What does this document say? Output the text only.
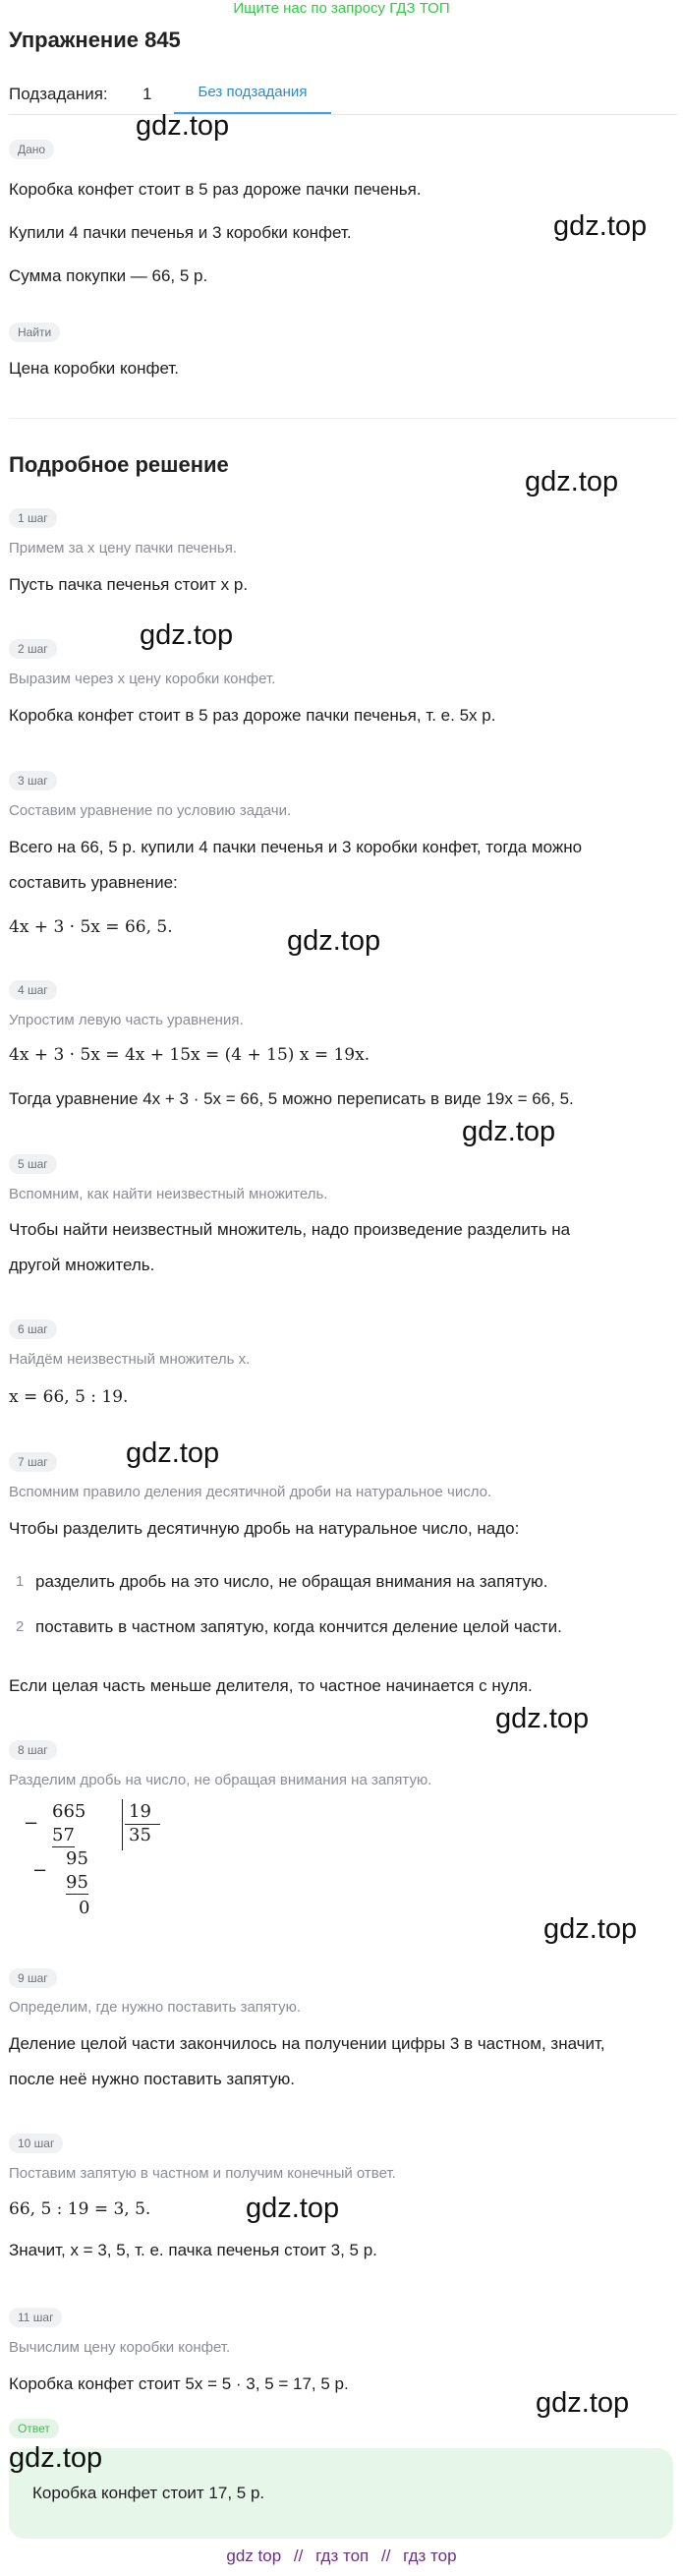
Ищите нас по запросу ГДЗ ТОП
Упражнение 845
Подзадания: 1	Без подзадания
Дано
Коробка конфет стоит в 5 раз дороже пачки печенья.
Купили 4 пачки печенья и 3 коробки конфет.
Сумма покупки — 66, 5 р.
Найти
Цена коробки конфет.
Подробное решение
1 шаг
Примем за x цену пачки печенья.
Пусть пачка печенья стоит x р.
2 шаг
Выразим через x цену коробки конфет.
Коробка конфет стоит в 5 раз дороже пачки печенья, т. е. 5x р.
3 шаг
Составим уравнение по условию задачи.
Всего на 66, 5 р. купили 4 пачки печенья и 3 коробки конфет, тогда можно
составить уравнение:
4x + 3 · 5x = 66, 5.
4 шаг
Упростим левую часть уравнения.
4x + 3 · 5x = 4x + 15x = (4 + 15) x = 19x.
Тогда уравнение 4x + 3 · 5x = 66, 5 можно переписать в виде 19x = 66, 5.
5 шаг
Вспомним, как найти неизвестный множитель.
Чтобы найти неизвестный множитель, надо произведение разделить на
другой множитель.
6 шаг
Найдём неизвестный множитель x.
x = 66, 5 : 19.
7 шаг
Вспомним правило деления десятичной дроби на натуральное число.
Чтобы разделить десятичную дробь на натуральное число, надо:
1 разделить дробь на это число, не обращая внимания на запятую.
2 поставить в частном запятую, когда кончится деление целой части.
Если целая часть меньше делителя, то частное начинается с нуля.
8 шаг
Разделим дробь на число, не обращая внимания на запятую.
−
665
57
−
95
95
0
19
35
9 шаг
Определим, где нужно поставить запятую.
Деление целой части закончилось на получении цифры 3 в частном, значит,
после неё нужно поставить запятую.
10 шаг
Поставим запятую в частном и получим конечный ответ.
66, 5 : 19 = 3, 5.
Значит, x = 3, 5, т. е. пачка печенья стоит 3, 5 р.
11 шаг
Вычислим цену коробки конфет.
Коробка конфет стоит 5x = 5 · 3, 5 = 17, 5 р.
Ответ
Коробка конфет стоит 17, 5 р.
gdz.top
gdz.top
gdz.top
gdz.top
gdz.top
gdz.top
gdz.top
gdz.top
gdz.top
gdz.top
gdz.top
gdz.top
gdz top // гдз топ // гдз тор
